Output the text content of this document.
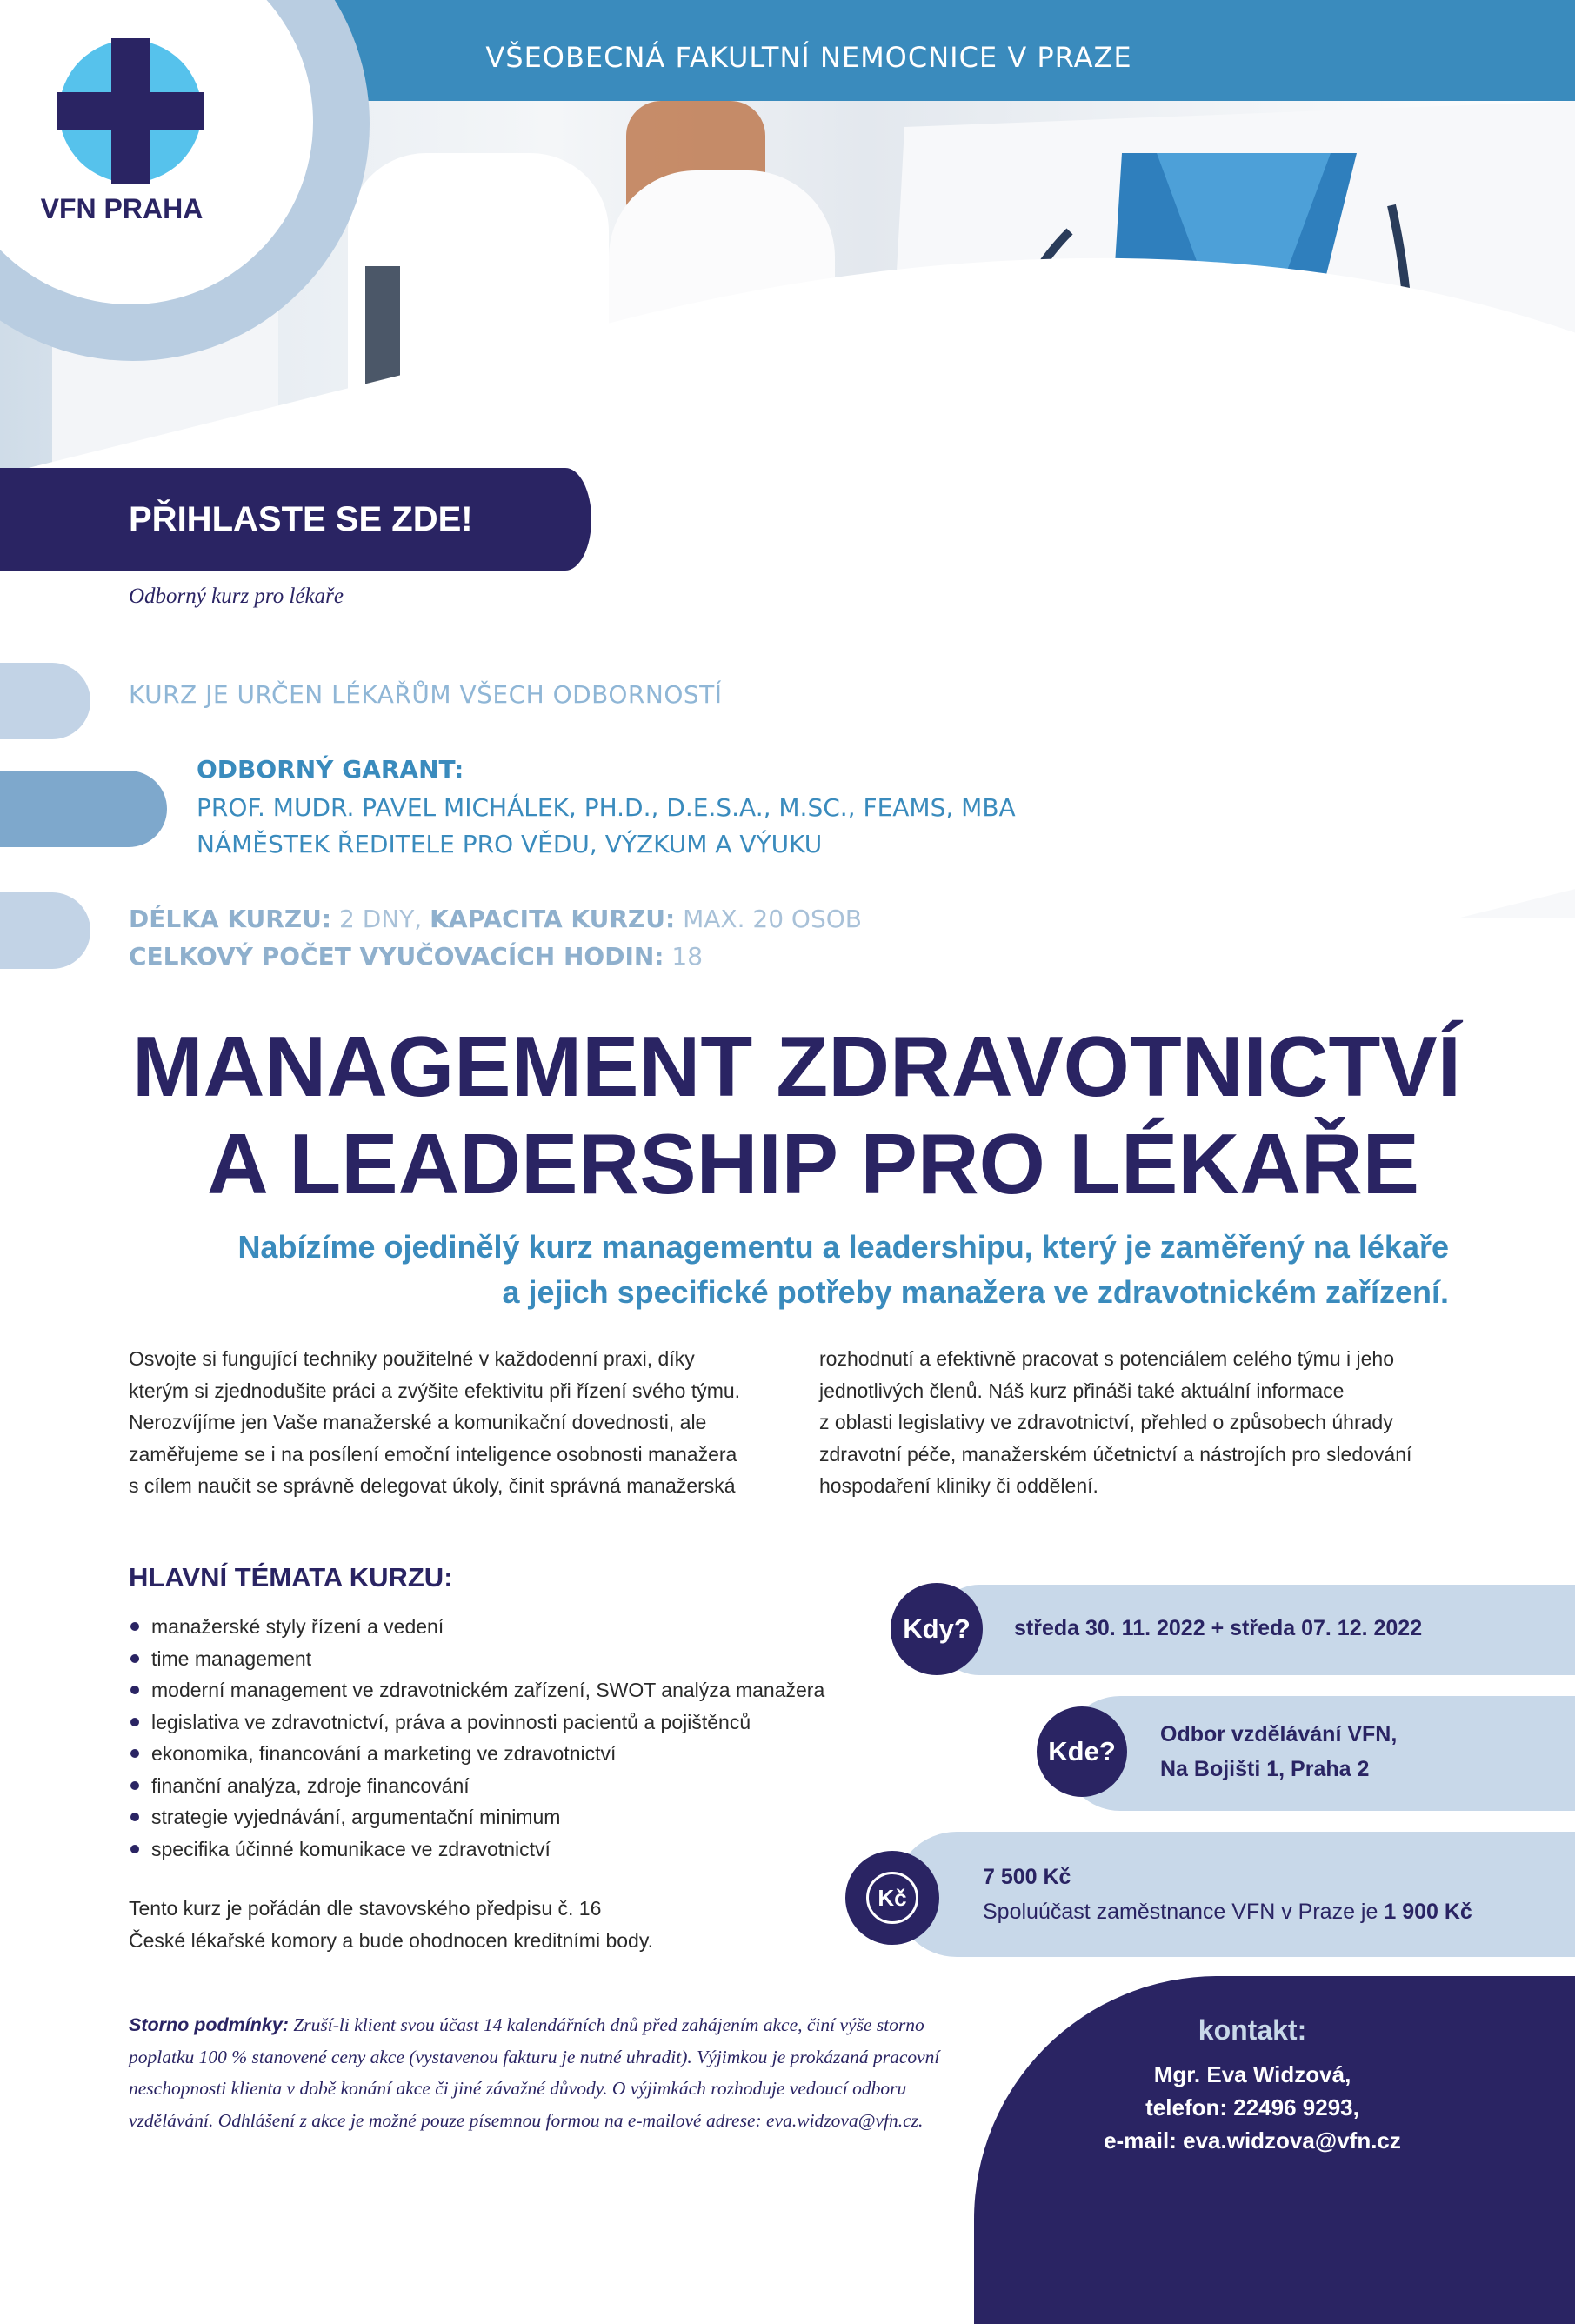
VŠEOBECNÁ FAKULTNÍ NEMOCNICE V PRAZE
VFN PRAHA
PŘIHLASTE SE ZDE!
Odborný kurz pro lékaře
KURZ JE URČEN LÉKAŘŮM VŠECH ODBORNOSTÍ
ODBORNÝ GARANT:
PROF. MUDR. PAVEL MICHÁLEK, PH.D., D.E.S.A., M.SC., FEAMS, MBA
NÁMĚSTEK ŘEDITELE PRO VĚDU, VÝZKUM A VÝUKU
DÉLKA KURZU: 2 DNY, KAPACITA KURZU: MAX. 20 OSOB
CELKOVÝ POČET VYUČOVACÍCH HODIN: 18
MANAGEMENT ZDRAVOTNICTVÍ
A LEADERSHIP PRO LÉKAŘE
Nabízíme ojedinělý kurz managementu a leadershipu, který je zaměřený na lékaře
a jejich specifické potřeby manažera ve zdravotnickém zařízení.
Osvojte si fungující techniky použitelné v každodenní praxi, díky
kterým si zjednodušite práci a zvýšite efektivitu při řízení svého týmu.
Nerozvíjíme jen Vaše manažerské a komunikační dovednosti, ale
zaměřujeme se i na posílení emoční inteligence osobnosti manažera
s cílem naučit se správně delegovat úkoly, činit správná manažerská
rozhodnutí a efektivně pracovat s potenciálem celého týmu i jeho
jednotlivých členů. Náš kurz přináši také aktuální informace
z oblasti legislativy ve zdravotnictví, přehled o způsobech úhrady
zdravotní péče, manažerském účetnictví a nástrojích pro sledování
hospodaření kliniky či oddělení.
HLAVNÍ TÉMATA KURZU:
manažerské styly řízení a vedení
time management
moderní management ve zdravotnickém zařízení, SWOT analýza manažera
legislativa ve zdravotnictví, práva a povinnosti pacientů a pojištěnců
ekonomika, financování a marketing ve zdravotnictví
finanční analýza, zdroje financování
strategie vyjednávání, argumentační minimum
specifika účinné komunikace ve zdravotnictví
Tento kurz je pořádán dle stavovského předpisu č. 16
České lékařské komory a bude ohodnocen kreditními body.
Kdy?	středa 30. 11. 2022 + středa 07. 12. 2022
Kde?
Odbor vzdělávání VFN,
Na Bojišti 1, Praha 2
Kč
7 500 Kč
Spoluúčast zaměstnance VFN v Praze je 1 900 Kč
Storno podmínky: Zruší-li klient svou účast 14 kalendářních dnů před zahájením akce, činí výše storno poplatku 100 % stanovené ceny akce (vystavenou fakturu je nutné uhradit). Výjimkou je prokázaná pracovní neschopnosti klienta v době konání akce či jiné závažné důvody. O výjimkách rozhoduje vedoucí odboru vzdělávání. Odhlášení z akce je možné pouze písemnou formou na e-mailové adrese: eva.widzova@vfn.cz.
kontakt:
Mgr. Eva Widzová,
telefon: 22496 9293,
e-mail: eva.widzova@vfn.cz
